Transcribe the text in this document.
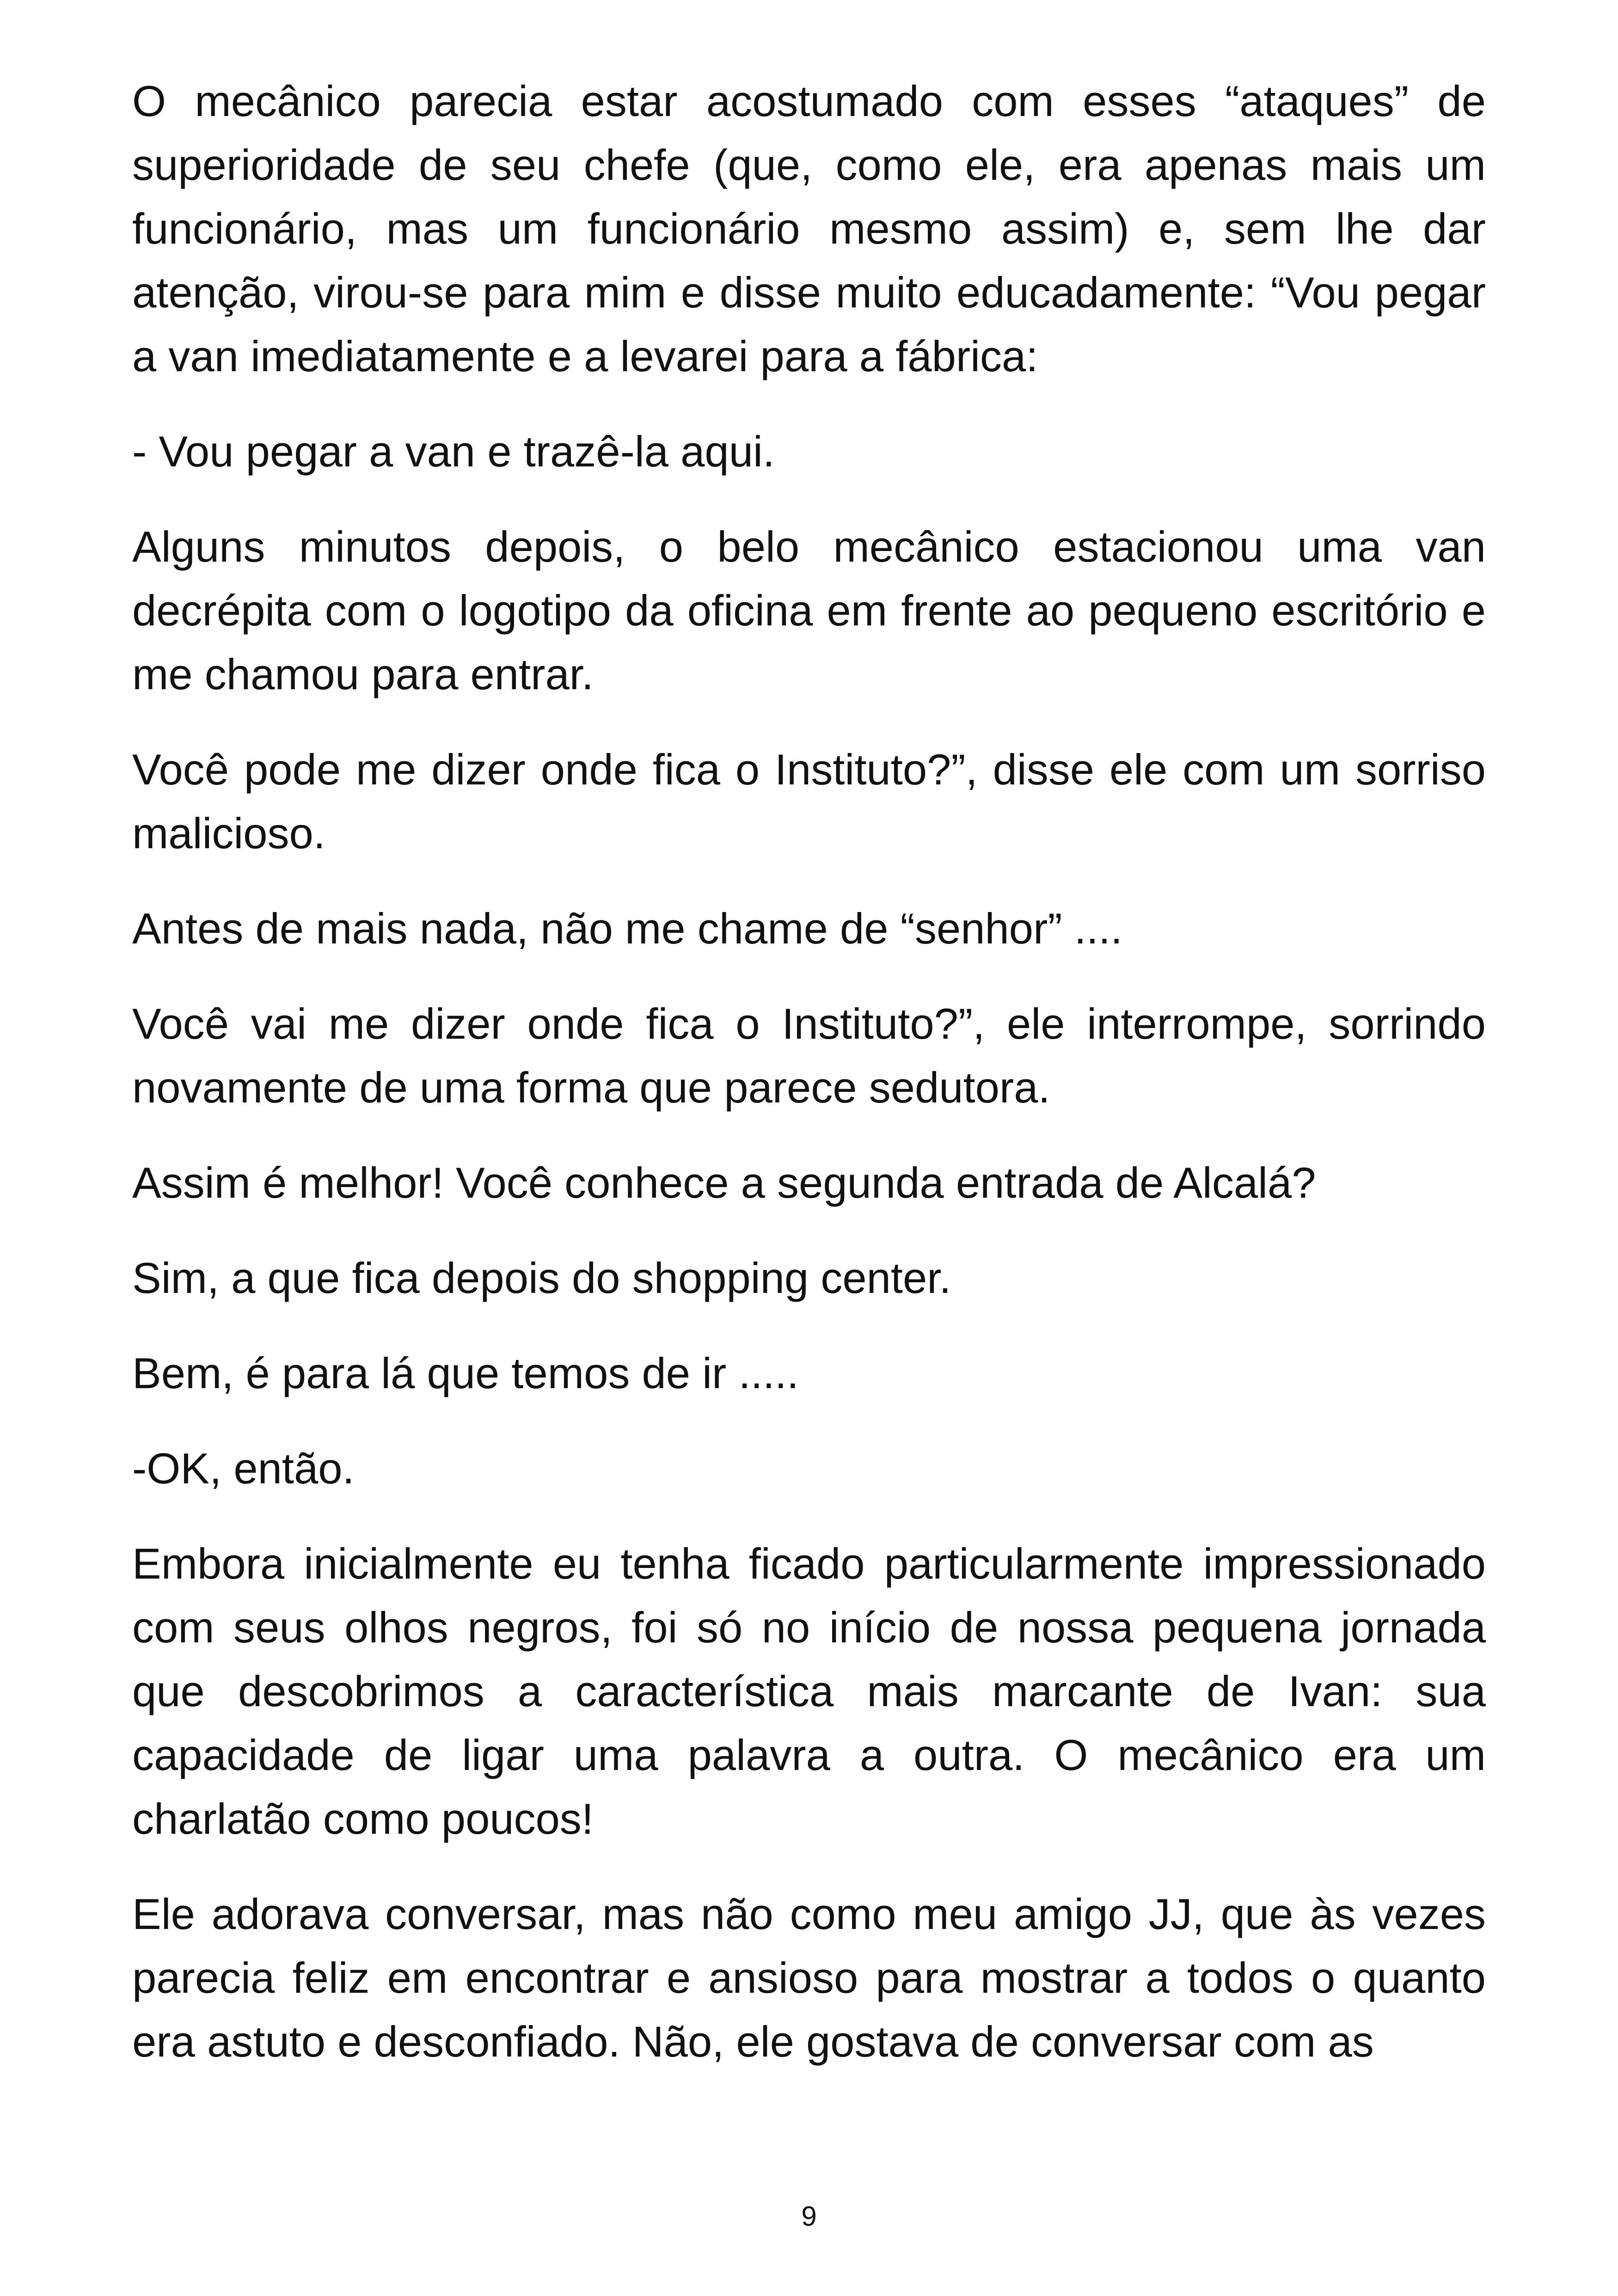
O mecânico parecia estar acostumado com esses “ataques” de superioridade de seu chefe (que, como ele, era apenas mais um funcionário, mas um funcionário mesmo assim) e, sem lhe dar atenção, virou-se para mim e disse muito educadamente: “Vou pegar a van imediatamente e a levarei para a fábrica:

- Vou pegar a van e trazê-la aqui.

Alguns minutos depois, o belo mecânico estacionou uma van decrépita com o logotipo da oficina em frente ao pequeno escritório e me chamou para entrar.

Você pode me dizer onde fica o Instituto?”, disse ele com um sorriso malicioso.

Antes de mais nada, não me chame de “senhor” ....

Você vai me dizer onde fica o Instituto?”, ele interrompe, sorrindo novamente de uma forma que parece sedutora.

Assim é melhor! Você conhece a segunda entrada de Alcalá?

Sim, a que fica depois do shopping center.

Bem, é para lá que temos de ir .....

-OK, então.

Embora inicialmente eu tenha ficado particularmente impressionado com seus olhos negros, foi só no início de nossa pequena jornada que descobrimos a característica mais marcante de Ivan: sua capacidade de ligar uma palavra a outra. O mecânico era um charlatão como poucos!

Ele adorava conversar, mas não como meu amigo JJ, que às vezes parecia feliz em encontrar e ansioso para mostrar a todos o quanto era astuto e desconfiado. Não, ele gostava de conversar com as

9
